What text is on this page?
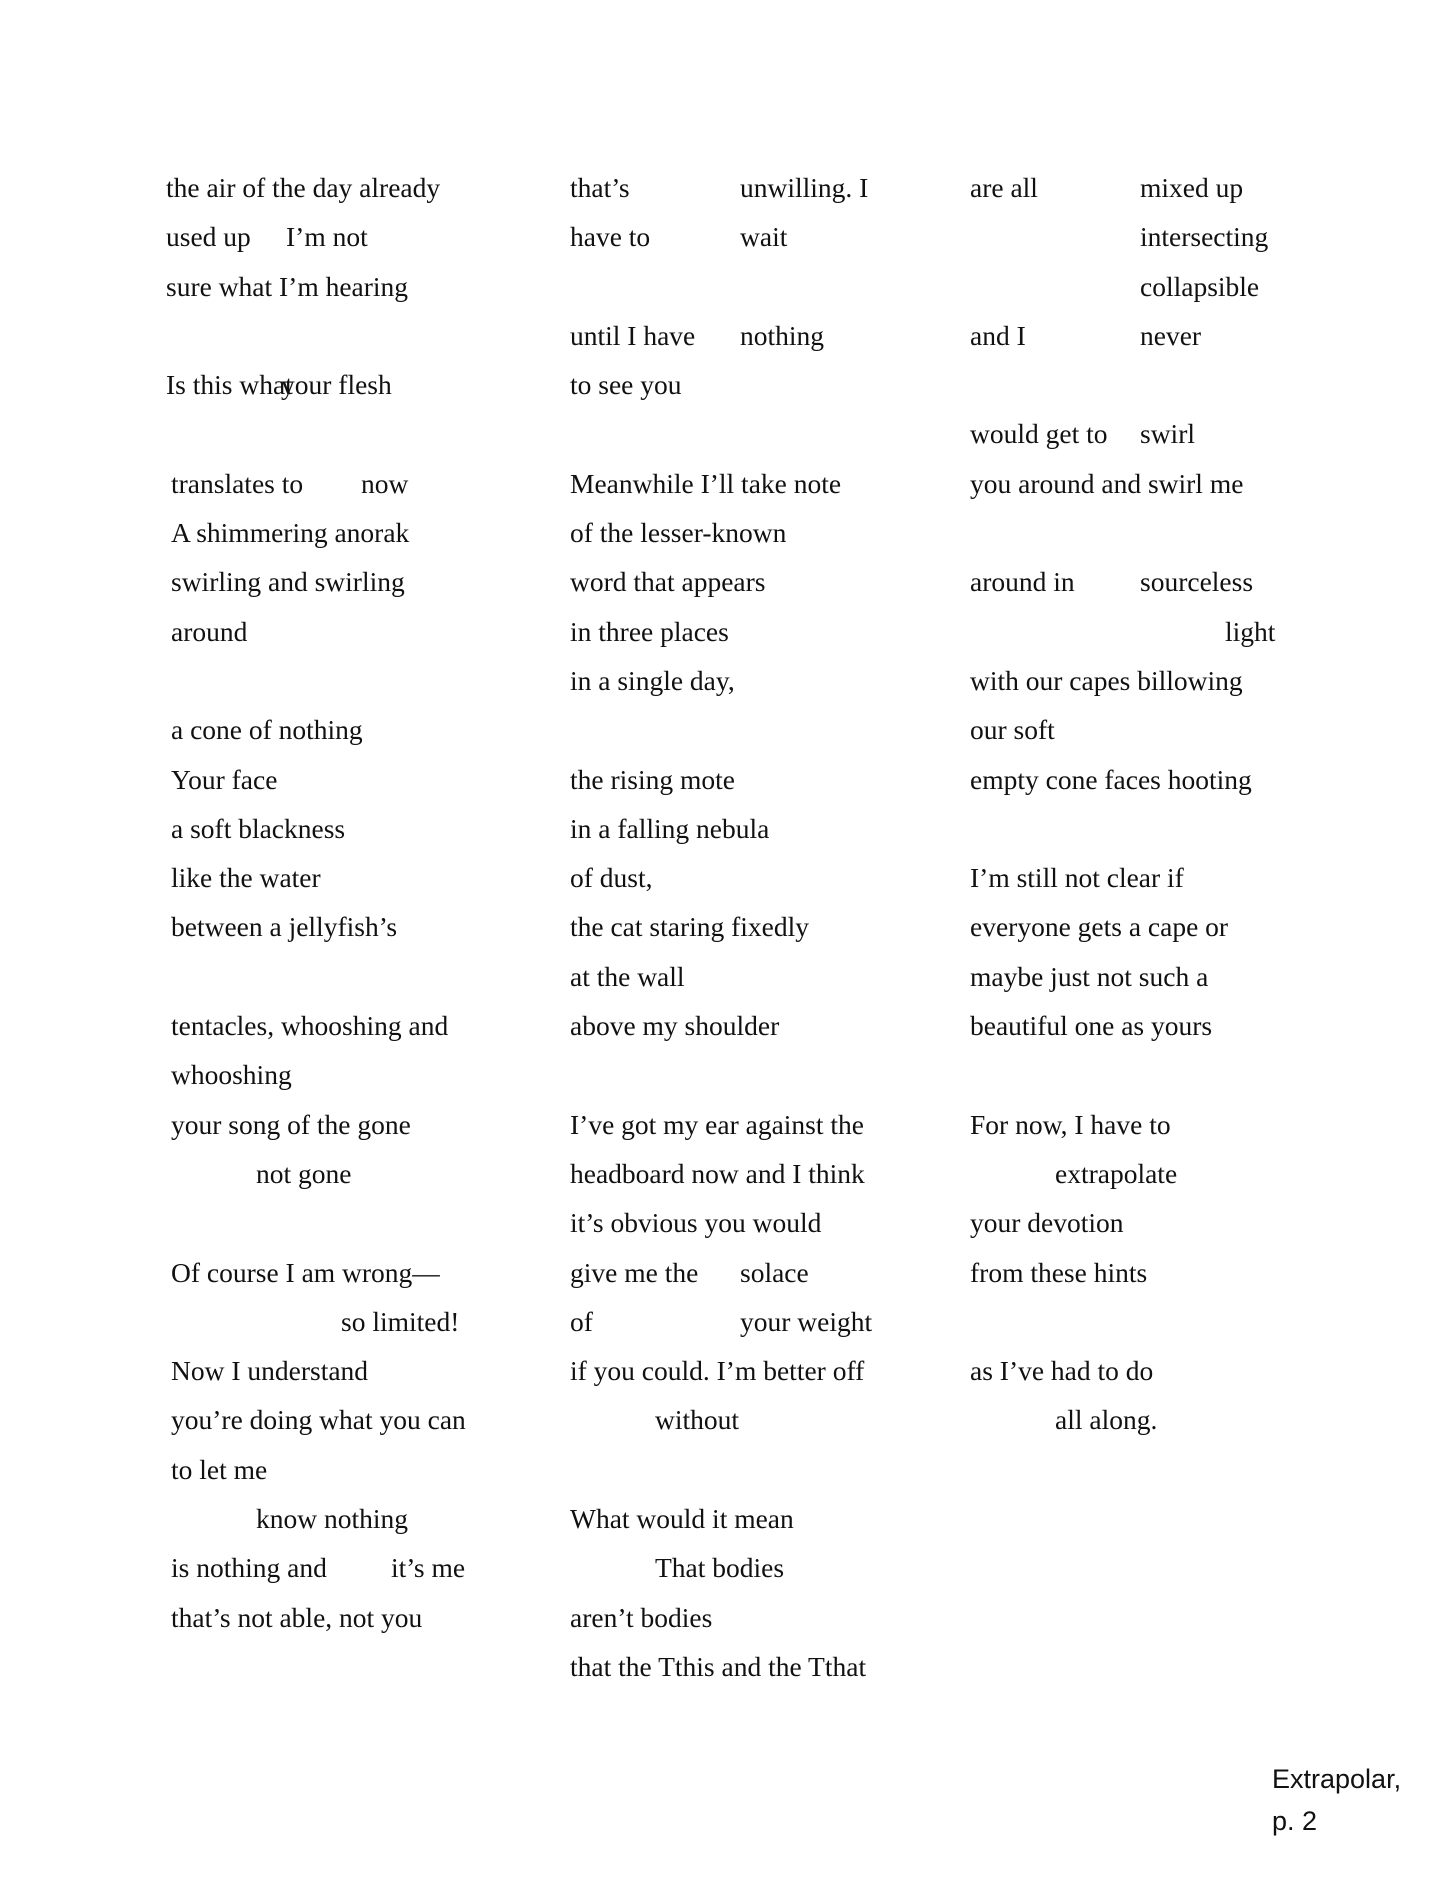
the air of the day already
used up I’m not
sure what I’m hearing
Is this what
your flesh
translates to now
A shimmering anorak
swirling and swirling
around
a cone of nothing
Your face
a soft blackness
like the water
between a jellyfish’s
tentacles, whooshing and
whooshing
your song of the gone
not gone
Of course I am wrong—
so limited!
Now I understand
you’re doing what you can
to let me
know nothing
is nothing and it’s me
that’s not able, not you
that’s	unwilling. I
have to	wait
until I have nothing
to see you
Meanwhile I’ll take note
of the lesser-known
word that appears
in three places
in a single day,
the rising mote
in a falling nebula
of dust,
the cat staring fixedly
at the wall
above my shoulder
I’ve got my ear against the
headboard now and I think
it’s obvious you would
give me the solace
of	your weight
if you could. I’m better off
without
What would it mean
That bodies
aren’t bodies
that the Tthis and the Tthat
are all	mixed up
intersecting
collapsible
and I	never
would get to swirl
you around and swirl me
around in sourceless
light
with our capes billowing
our soft
empty cone faces hooting
I’m still not clear if
everyone gets a cape or
maybe just not such a
beautiful one as yours
For now, I have to
extrapolate
your devotion
from these hints
as I’ve had to do
all along.
Extrapolar,
p. 2
